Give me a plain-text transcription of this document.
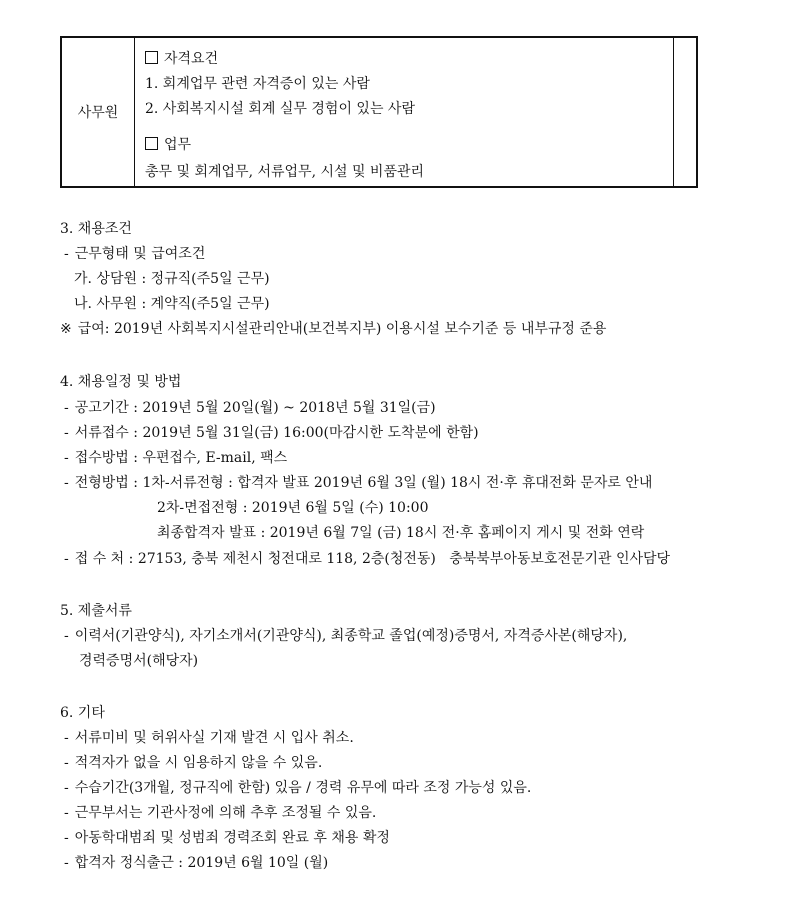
사무원
자격요건
1. 회계업무 관련 자격증이 있는 사람
2. 사회복지시설 회계 실무 경험이 있는 사람
업무
총무 및 회계업무, 서류업무, 시설 및 비품관리
3. 채용조건
- 근무형태 및 급여조건
가. 상담원 : 정규직(주5일 근무)
나. 사무원 : 계약직(주5일 근무)
※ 급여: 2019년 사회복지시설관리안내(보건복지부) 이용시설 보수기준 등 내부규정 준용
4. 채용일정 및 방법
- 공고기간 : 2019년 5월 20일(월) ~ 2018년 5월 31일(금)
- 서류접수 : 2019년 5월 31일(금) 16:00(마감시한 도착분에 한함)
- 접수방법 : 우편접수, E-mail, 팩스
- 전형방법 : 1차-서류전형 : 합격자 발표 2019년 6월 3일 (월) 18시 전·후 휴대전화 문자로 안내
2차-면접전형 : 2019년 6월 5일 (수) 10:00
최종합격자 발표 : 2019년 6월 7일 (금) 18시 전·후 홈페이지 게시 및 전화 연락
- 접 수 처 : 27153, 충북 제천시 청전대로 118, 2층(청전동)   충북북부아동보호전문기관 인사담당
5. 제출서류
- 이력서(기관양식), 자기소개서(기관양식), 최종학교 졸업(예정)증명서, 자격증사본(해당자),
경력증명서(해당자)
6. 기타
- 서류미비 및 허위사실 기재 발견 시 입사 취소.
- 적격자가 없을 시 임용하지 않을 수 있음.
- 수습기간(3개월, 정규직에 한함) 있음 / 경력 유무에 따라 조정 가능성 있음.
- 근무부서는 기관사정에 의해 추후 조정될 수 있음.
- 아동학대범죄 및 성범죄 경력조회 완료 후 채용 확정
- 합격자 정식출근 : 2019년 6월 10일 (월)
